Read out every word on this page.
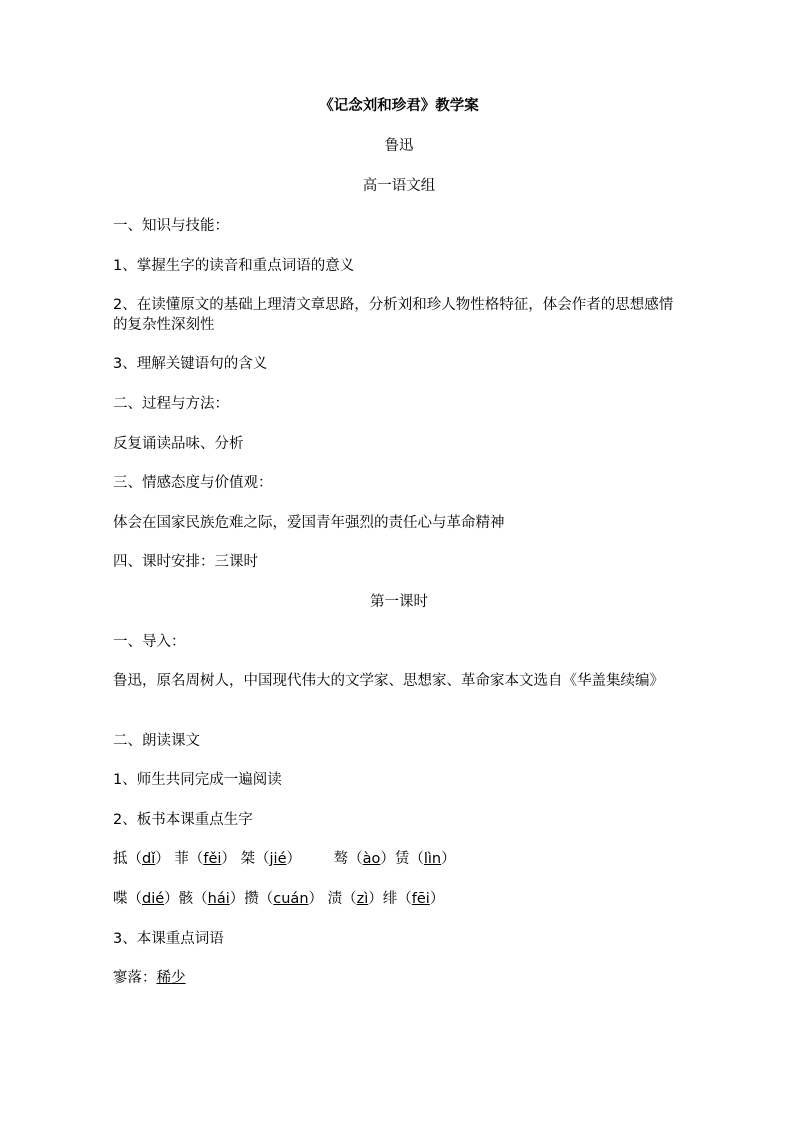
《记念刘和珍君》教学案
鲁迅
高一语文组
一、知识与技能：
1、掌握生字的读音和重点词语的意义
2、在读懂原文的基础上理清文章思路，分析刘和珍人物性格特征，体会作者的思想感情的复杂性深刻性
3、理解关键语句的含义
二、过程与方法：
反复诵读品味、分析
三、情感态度与价值观：
体会在国家民族危难之际，爱国青年强烈的责任心与革命精神
四、课时安排：三课时
第一课时
一、导入：
鲁迅，原名周树人，中国现代伟大的文学家、思想家、革命家本文选自《华盖集续编》
二、朗读课文
1、师生共同完成一遍阅读
2、板书本课重点生字
抵（dǐ） 菲（fěi） 桀（jié） 骜（ào）赁（lìn）
喋（dié）骸（hái）攒（cuán） 渍（zì）绯（fēi）
3、本课重点词语
寥落：稀少
